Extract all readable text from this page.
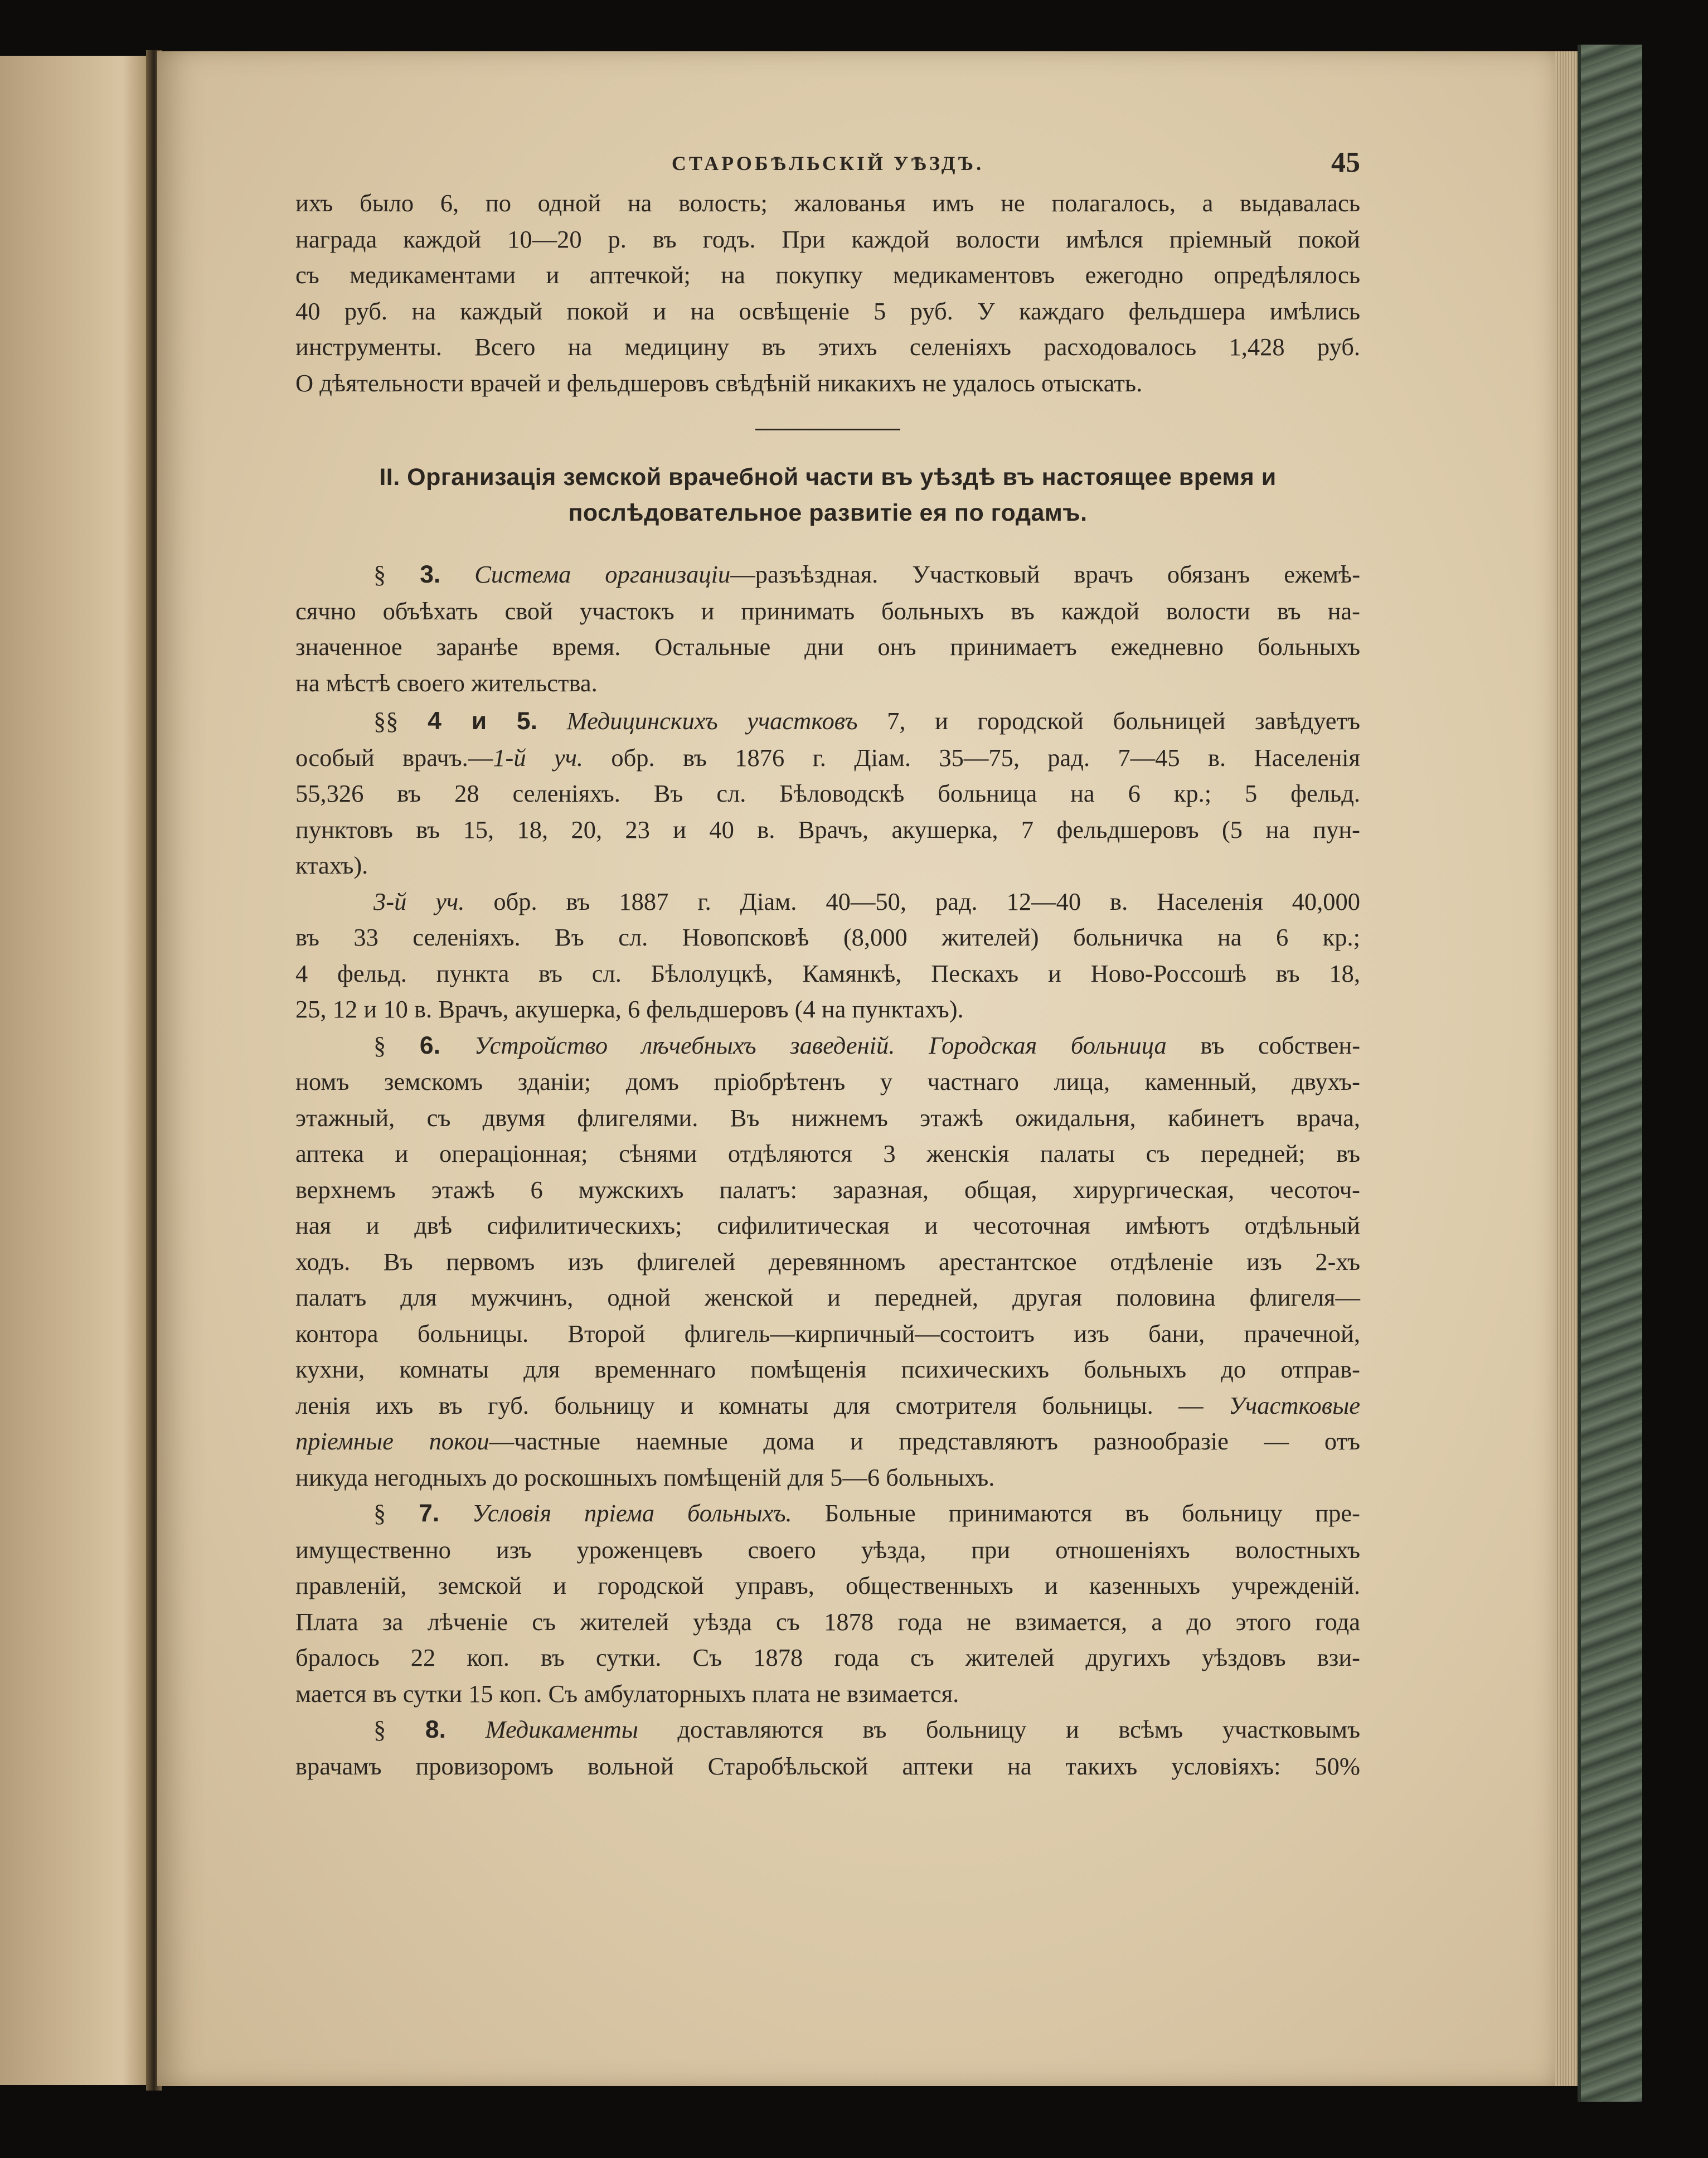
СТАРОБѢЛЬСКІЙ УѢЗДЪ.	45

ихъ было 6, по одной на волость; жалованья имъ не полагалось, а выдавалась

награда каждой 10—20 р. въ годъ. При каждой волости имѣлся пріемный покой

съ медикаментами и аптечкой; на покупку медикаментовъ ежегодно опредѣлялось

40 руб. на каждый покой и на освѣщеніе 5 руб. У каждаго фельдшера имѣлись

инструменты. Всего на медицину въ этихъ селеніяхъ расходовалось 1,428 руб.

О дѣятельности врачей и фельдшеровъ свѣдѣній никакихъ не удалось отыскать.

II. Организація земской врачебной части въ уѣздѣ въ настоящее время и
послѣдовательное развитіе ея по годамъ.

§ 3. Система организаціи—разъѣздная. Участковый врачъ обязанъ ежемѣ-

сячно объѣхать свой участокъ и принимать больныхъ въ каждой волости въ на-

значенное заранѣе время. Остальные дни онъ принимаетъ ежедневно больныхъ

на мѣстѣ своего жительства.

§§ 4 и 5. Медицинскихъ участковъ 7, и городской больницей завѣдуетъ

особый врачъ.—1-й уч. обр. въ 1876 г. Діам. 35—75, рад. 7—45 в. Населенія

55,326 въ 28 селеніяхъ. Въ сл. Бѣловодскѣ больница на 6 кр.; 5 фельд.

пунктовъ въ 15, 18, 20, 23 и 40 в. Врачъ, акушерка, 7 фельдшеровъ (5 на пун-

ктахъ).

3-й уч. обр. въ 1887 г. Діам. 40—50, рад. 12—40 в. Населенія 40,000

въ 33 селеніяхъ. Въ сл. Новопсковѣ (8,000 жителей) больничка на 6 кр.;

4 фельд. пункта въ сл. Бѣлолуцкѣ, Камянкѣ, Пескахъ и Ново-Россошѣ въ 18,

25, 12 и 10 в. Врачъ, акушерка, 6 фельдшеровъ (4 на пунктахъ).

§ 6. Устройство лѣчебныхъ заведеній. Городская больница въ собствен-

номъ земскомъ зданіи; домъ пріобрѣтенъ у частнаго лица, каменный, двухъ-

этажный, съ двумя флигелями. Въ нижнемъ этажѣ ожидальня, кабинетъ врача,

аптека и операціонная; сѣнями отдѣляются 3 женскія палаты съ передней; въ

верхнемъ этажѣ 6 мужскихъ палатъ: заразная, общая, хирургическая, чесоточ-

ная и двѣ сифилитическихъ; сифилитическая и чесоточная имѣютъ отдѣльный

ходъ. Въ первомъ изъ флигелей деревянномъ арестантское отдѣленіе изъ 2-хъ

палатъ для мужчинъ, одной женской и передней, другая половина флигеля—

контора больницы. Второй флигель—кирпичный—состоитъ изъ бани, прачечной,

кухни, комнаты для временнаго помѣщенія психическихъ больныхъ до отправ-

ленія ихъ въ губ. больницу и комнаты для смотрителя больницы. — Участковые

пріемные покои—частные наемные дома и представляютъ разнообразіе — отъ

никуда негодныхъ до роскошныхъ помѣщеній для 5—6 больныхъ.

§ 7. Условія пріема больныхъ. Больные принимаются въ больницу пре-

имущественно изъ уроженцевъ своего уѣзда, при отношеніяхъ волостныхъ

правленій, земской и городской управъ, общественныхъ и казенныхъ учрежденій.

Плата за лѣченіе съ жителей уѣзда съ 1878 года не взимается, а до этого года

бралось 22 коп. въ сутки. Съ 1878 года съ жителей другихъ уѣздовъ взи-

мается въ сутки 15 коп. Съ амбулаторныхъ плата не взимается.

§ 8. Медикаменты доставляются въ больницу и всѣмъ участковымъ

врачамъ провизоромъ вольной Старобѣльской аптеки на такихъ условіяхъ: 50%
